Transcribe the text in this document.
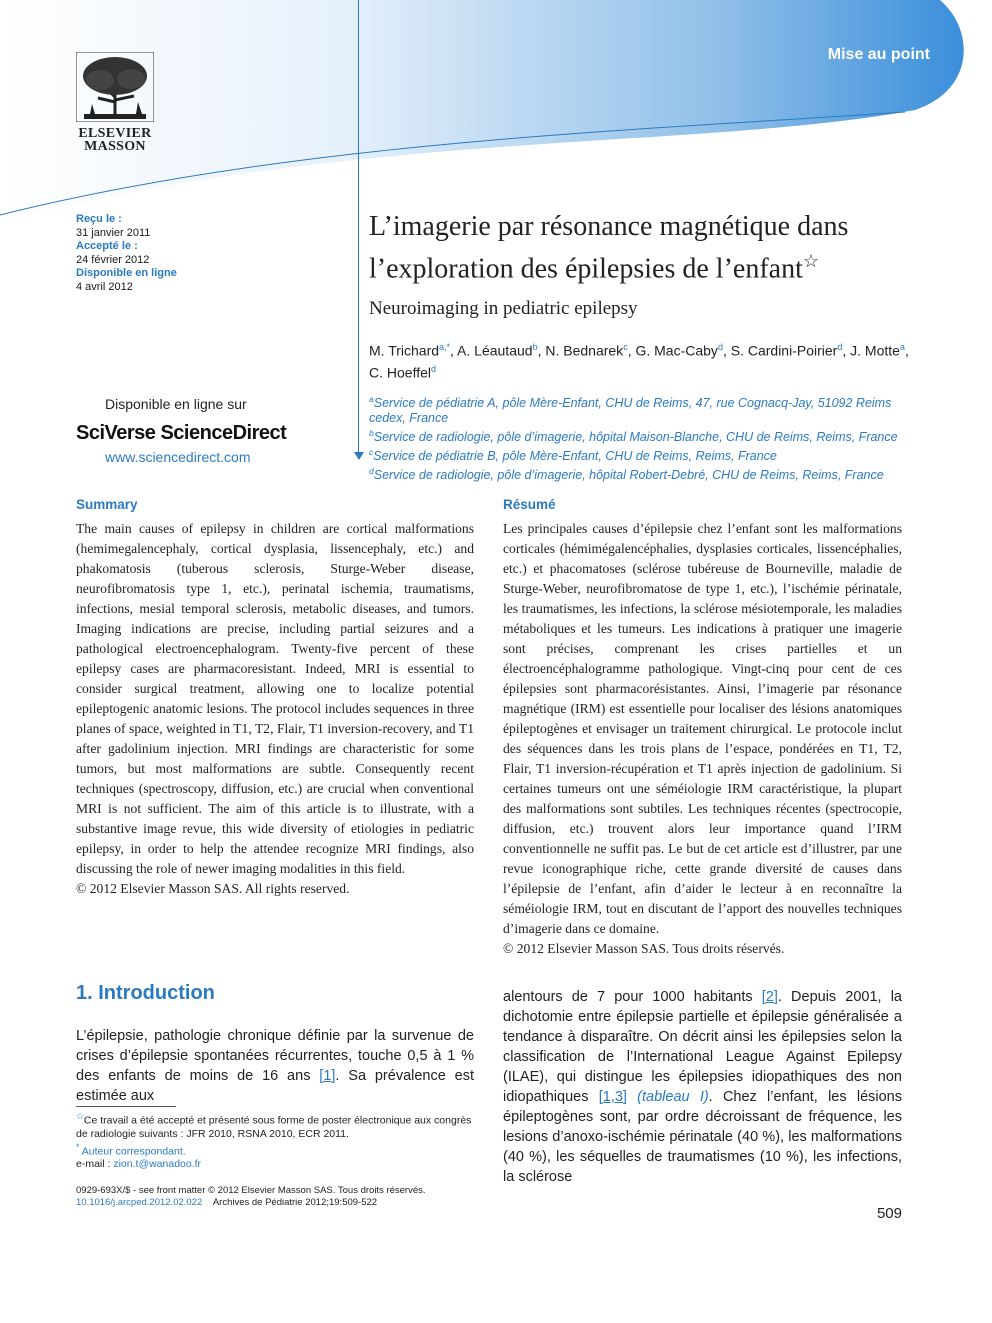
Mise au point
ELSEVIER
MASSON
Reçu le :
31 janvier 2011
Accepté le :
24 février 2012
Disponible en ligne
4 avril 2012
Disponible en ligne sur
SciVerse ScienceDirect
www.sciencedirect.com
L’imagerie par résonance magnétique dans l’exploration des épilepsies de l’enfant☆
Neuroimaging in pediatric epilepsy
M. Trichard$^{a,*}$, A. Léautaud$^b$, N. Bednarek$^c$, G. Mac-Caby$^d$, S. Cardini-Poirier$^d$, J. Motte$^a$, C. Hoeffel$^d$
$^a$Service de pédiatrie A, pôle Mère-Enfant, CHU de Reims, 47, rue Cognacq-Jay, 51092 Reims cedex, France
$^b$Service de radiologie, pôle d’imagerie, hôpital Maison-Blanche, CHU de Reims, Reims, France
$^c$Service de pédiatrie B, pôle Mère-Enfant, CHU de Reims, Reims, France
$^d$Service de radiologie, pôle d’imagerie, hôpital Robert-Debré, CHU de Reims, Reims, France
Summary
The main causes of epilepsy in children are cortical malformations (hemimegalencephaly, cortical dysplasia, lissencephaly, etc.) and phakomatosis (tuberous sclerosis, Sturge-Weber disease, neurofibromatosis type 1, etc.), perinatal ischemia, traumatisms, infections, mesial temporal sclerosis, metabolic diseases, and tumors. Imaging indications are precise, including partial seizures and a pathological electroencephalogram. Twenty-five percent of these epilepsy cases are pharmacoresistant. Indeed, MRI is essential to consider surgical treatment, allowing one to localize potential epileptogenic anatomic lesions. The protocol includes sequences in three planes of space, weighted in T1, T2, Flair, T1 inversion-recovery, and T1 after gadolinium injection. MRI findings are characteristic for some tumors, but most malformations are subtle. Consequently recent techniques (spectroscopy, diffusion, etc.) are crucial when conventional MRI is not sufficient. The aim of this article is to illustrate, with a substantive image revue, this wide diversity of etiologies in pediatric epilepsy, in order to help the attendee recognize MRI findings, also discussing the role of newer imaging modalities in this field.
© 2012 Elsevier Masson SAS. All rights reserved.
Résumé
Les principales causes d’épilepsie chez l’enfant sont les malformations corticales (hémimégalencéphalies, dysplasies corticales, lissencéphalies, etc.) et phacomatoses (sclérose tubéreuse de Bourneville, maladie de Sturge-Weber, neurofibromatose de type 1, etc.), l’ischémie périnatale, les traumatismes, les infections, la sclérose mésiotemporale, les maladies métaboliques et les tumeurs. Les indications à pratiquer une imagerie sont précises, comprenant les crises partielles et un électroencéphalogramme pathologique. Vingt-cinq pour cent de ces épilepsies sont pharmacorésistantes. Ainsi, l’imagerie par résonance magnétique (IRM) est essentielle pour localiser des lésions anatomiques épileptogènes et envisager un traitement chirurgical. Le protocole inclut des séquences dans les trois plans de l’espace, pondérées en T1, T2, Flair, T1 inversion-récupération et T1 après injection de gadolinium. Si certaines tumeurs ont une séméiologie IRM caractéristique, la plupart des malformations sont subtiles. Les techniques récentes (spectrocopie, diffusion, etc.) trouvent alors leur importance quand l’IRM conventionnelle ne suffit pas. Le but de cet article est d’illustrer, par une revue iconographique riche, cette grande diversité de causes dans l’épilepsie de l’enfant, afin d’aider le lecteur à en reconnaître la séméiologie IRM, tout en discutant de l’apport des nouvelles techniques d’imagerie dans ce domaine.
© 2012 Elsevier Masson SAS. Tous droits réservés.
1. Introduction
L’épilepsie, pathologie chronique définie par la survenue de crises d’épilepsie spontanées récurrentes, touche 0,5 à 1 % des enfants de moins de 16 ans [1]. Sa prévalence est estimée aux
alentours de 7 pour 1000 habitants [2]. Depuis 2001, la dichotomie entre épilepsie partielle et épilepsie généralisée a tendance à disparaître. On décrit ainsi les épilepsies selon la classification de l’International League Against Epilepsy (ILAE), qui distingue les épilepsies idiopathiques des non idiopathiques [1,3] (tableau I). Chez l’enfant, les lésions épileptogènes sont, par ordre décroissant de fréquence, les lesions d’anoxo-ischémie périnatale (40 %), les malformations (40 %), les séquelles de traumatismes (10 %), les infections, la sclérose
☆Ce travail a été accepté et présenté sous forme de poster électronique aux congrès de radiologie suivants : JFR 2010, RSNA 2010, ECR 2011.
* Auteur correspondant.
e-mail : zion.t@wanadoo.fr
0929-693X/$ - see front matter © 2012 Elsevier Masson SAS. Tous droits réservés.
10.1016/j.arcped.2012.02.022 Archives de Pédiatrie 2012;19:509-522
509
